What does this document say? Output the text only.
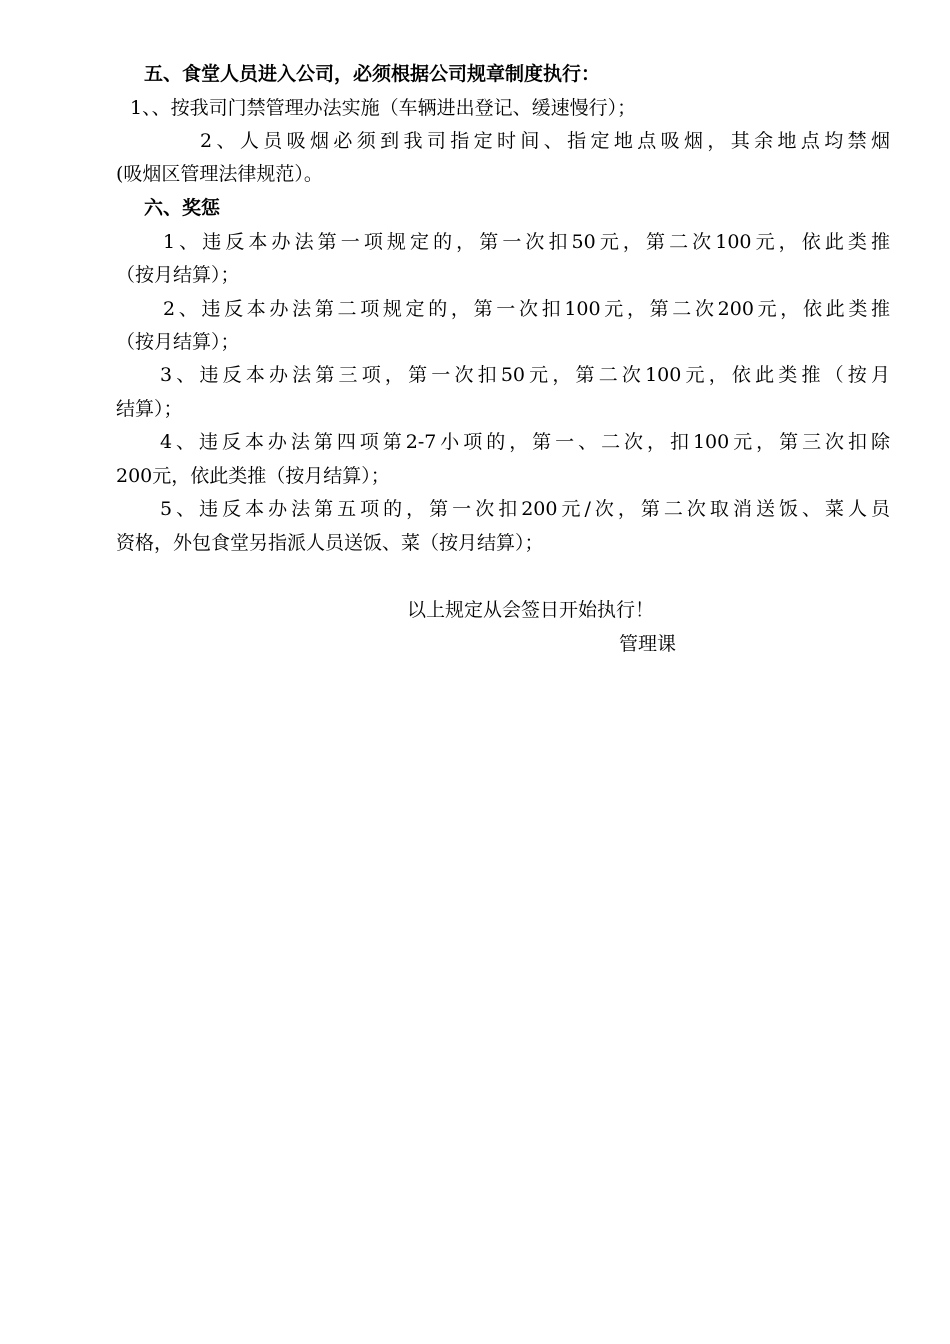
五、食堂人员进入公司，必须根据公司规章制度执行：
1、、按我司门禁管理办法实施（车辆进出登记、缓速慢行）；
2、人员吸烟必须到我司指定时间、指定地点吸烟，其余地点均禁烟
(吸烟区管理法律规范）。
六、奖惩
1、违反本办法第一项规定的，第一次扣50元，第二次100元，依此类推
（按月结算）；
2、违反本办法第二项规定的，第一次扣100元，第二次200元，依此类推
（按月结算）；
3、违反本办法第三项，第一次扣50元，第二次100元，依此类推（按月
结算）；
4、违反本办法第四项第2-7小项的，第一、二次，扣100元，第三次扣除
200元，依此类推（按月结算）；
5、违反本办法第五项的，第一次扣200元/次，第二次取消送饭、菜人员
资格，外包食堂另指派人员送饭、菜（按月结算）；
以上规定从会签日开始执行！
管理课
